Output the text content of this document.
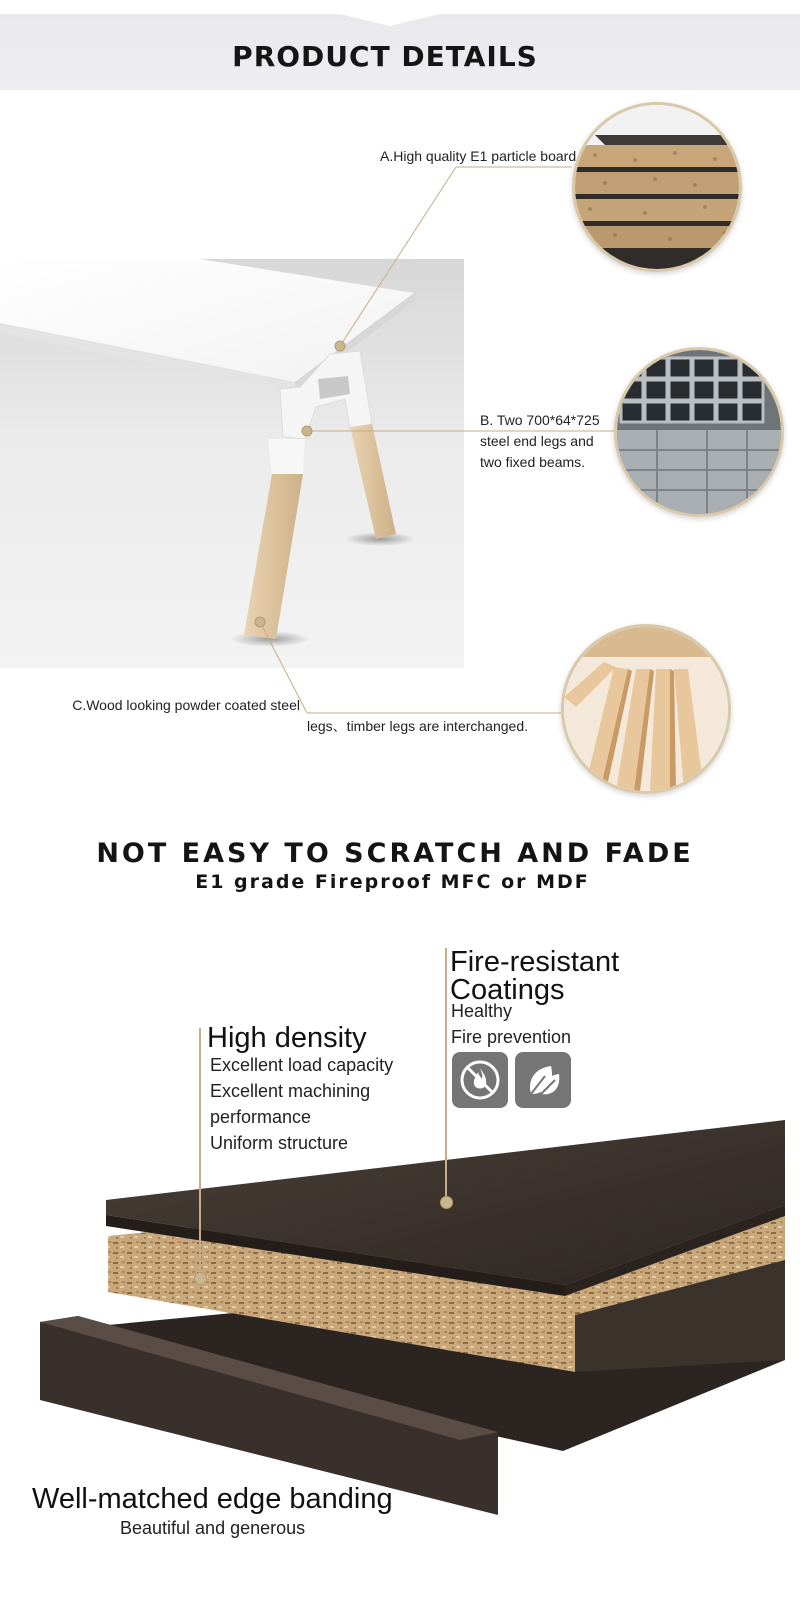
PRODUCT DETAILS
A.High quality E1 particle board.
B. Two 700*64*725
steel end legs and
two fixed beams.
C.Wood looking powder coated steel
legs、timber legs are interchanged.
NOT EASY TO SCRATCH AND FADE
E1 grade Fireproof MFC or MDF
Fire-resistant
Coatings
Healthy
Fire prevention
High density
Excellent load capacity
Excellent machining
performance
Uniform structure
Well-matched edge banding
Beautiful and generous
